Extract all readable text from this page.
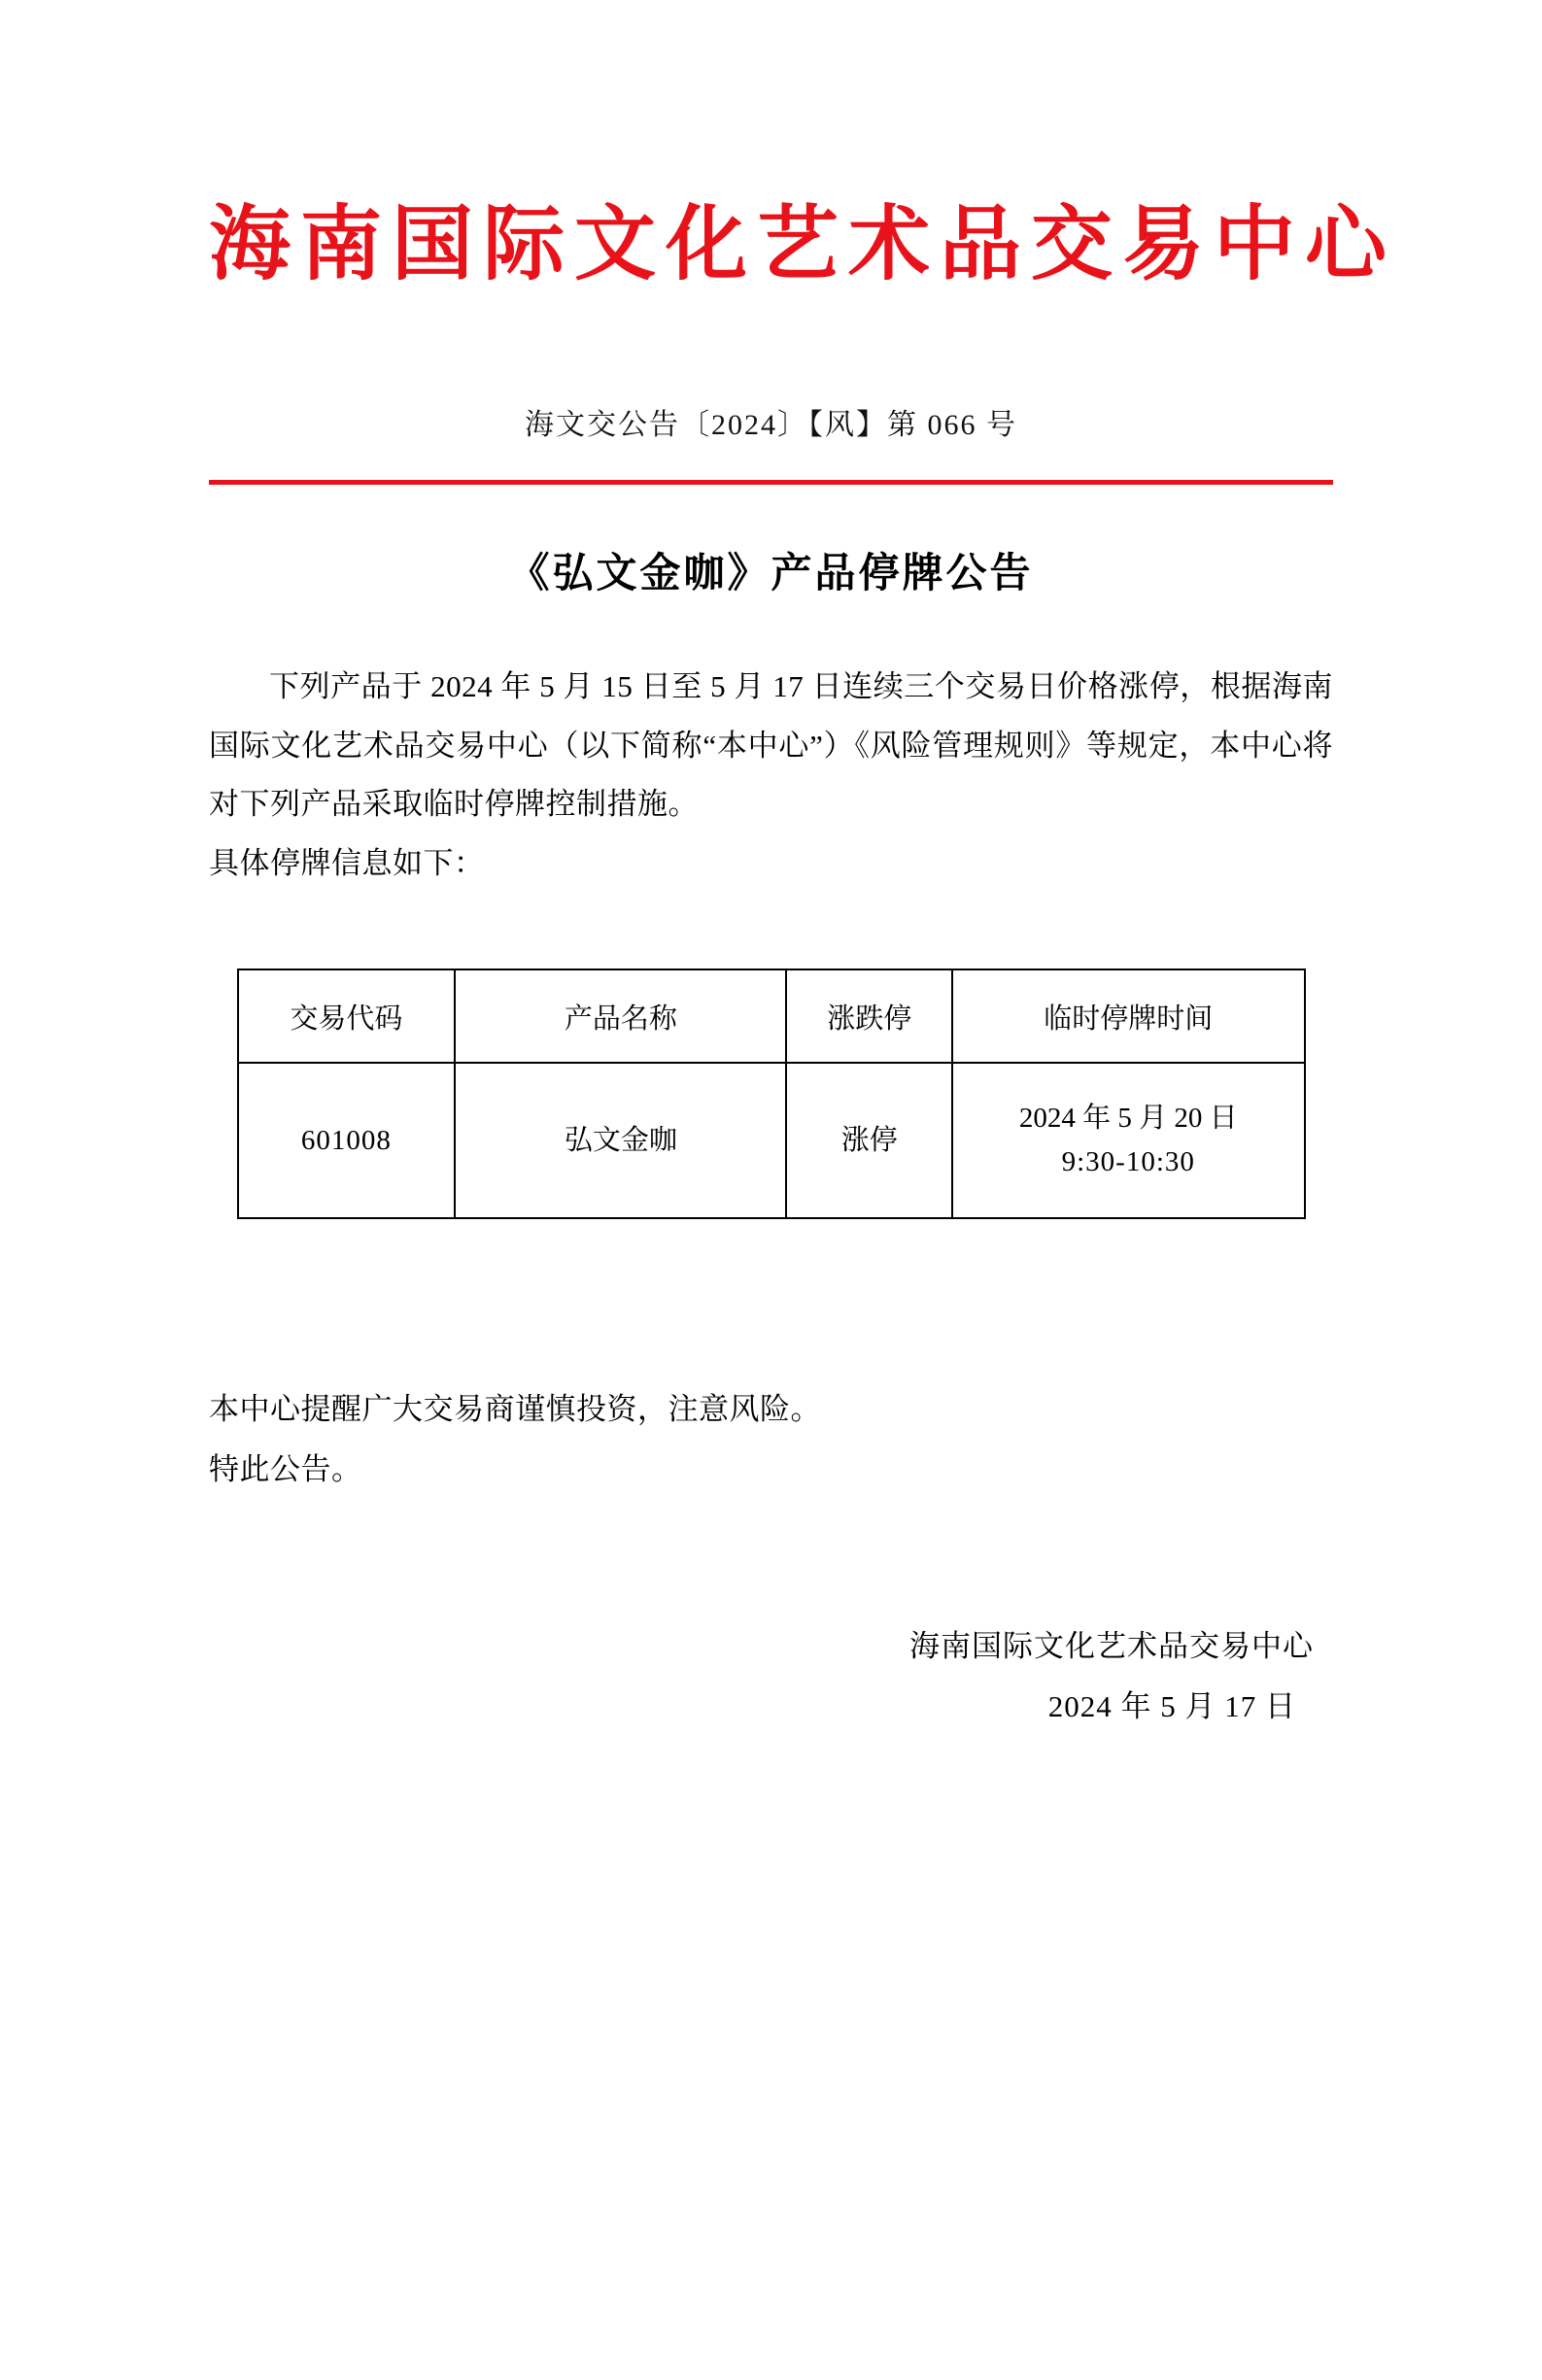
海南国际文化艺术品交易中心
海文交公告〔2024〕【风】第 066 号
《弘文金咖》产品停牌公告
下列产品于 2024 年 5 月 15 日至 5 月 17 日连续三个交易日价格涨停，根据海南国际文化艺术品交易中心（以下简称“本中心”）《风险管理规则》等规定，本中心将对下列产品采取临时停牌控制措施。
具体停牌信息如下：
交易代码	产品名称	涨跌停	临时停牌时间
601008	弘文金咖	涨停	2024 年 5 月 20 日
9:30-10:30
本中心提醒广大交易商谨慎投资，注意风险。
特此公告。
海南国际文化艺术品交易中心
2024 年 5 月 17 日
